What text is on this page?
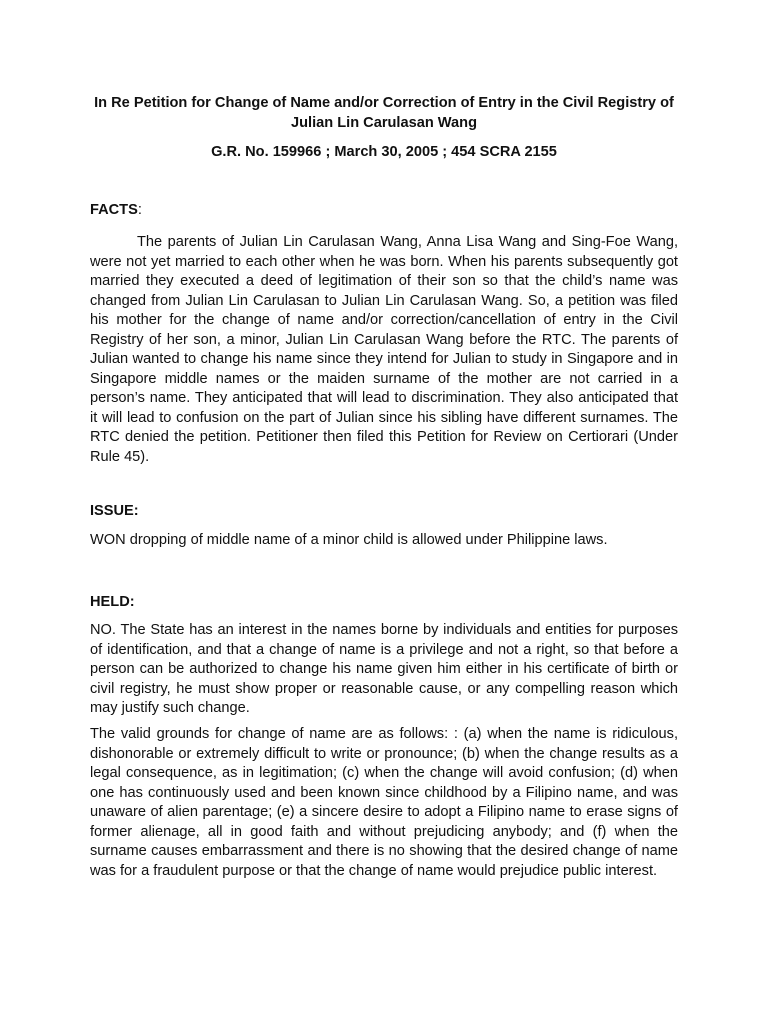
In Re Petition for Change of Name and/or Correction of Entry in the Civil Registry of Julian Lin Carulasan Wang

G.R. No. 159966 ; March 30, 2005 ; 454 SCRA 2155

FACTS:

The parents of Julian Lin Carulasan Wang, Anna Lisa Wang and Sing-Foe Wang, were not yet married to each other when he was born. When his parents subsequently got married they executed a deed of legitimation of their son so that the child’s name was changed from Julian Lin Carulasan to Julian Lin Carulasan Wang. So, a petition was filed his mother for the change of name and/or correction/cancellation of entry in the Civil Registry of her son, a minor, Julian Lin Carulasan Wang before the RTC. The parents of Julian wanted to change his name since they intend for Julian to study in Singapore and in Singapore middle names or the maiden surname of the mother are not carried in a person’s name. They anticipated that will lead to discrimination. They also anticipated that it will lead to confusion on the part of Julian since his sibling have different surnames. The RTC denied the petition. Petitioner then filed this Petition for Review on Certiorari (Under Rule 45).

ISSUE:

WON dropping of middle name of a minor child is allowed under Philippine laws.

HELD:

NO. The State has an interest in the names borne by individuals and entities for purposes of identification, and that a change of name is a privilege and not a right, so that before a person can be authorized to change his name given him either in his certificate of birth or civil registry, he must show proper or reasonable cause, or any compelling reason which may justify such change.

The valid grounds for change of name are as follows: : (a) when the name is ridiculous, dishonorable or extremely difficult to write or pronounce; (b) when the change results as a legal consequence, as in legitimation; (c) when the change will avoid confusion; (d) when one has continuously used and been known since childhood by a Filipino name, and was unaware of alien parentage; (e) a sincere desire to adopt a Filipino name to erase signs of former alienage, all in good faith and without prejudicing anybody; and (f) when the surname causes embarrassment and there is no showing that the desired change of name was for a fraudulent purpose or that the change of name would prejudice public interest.
